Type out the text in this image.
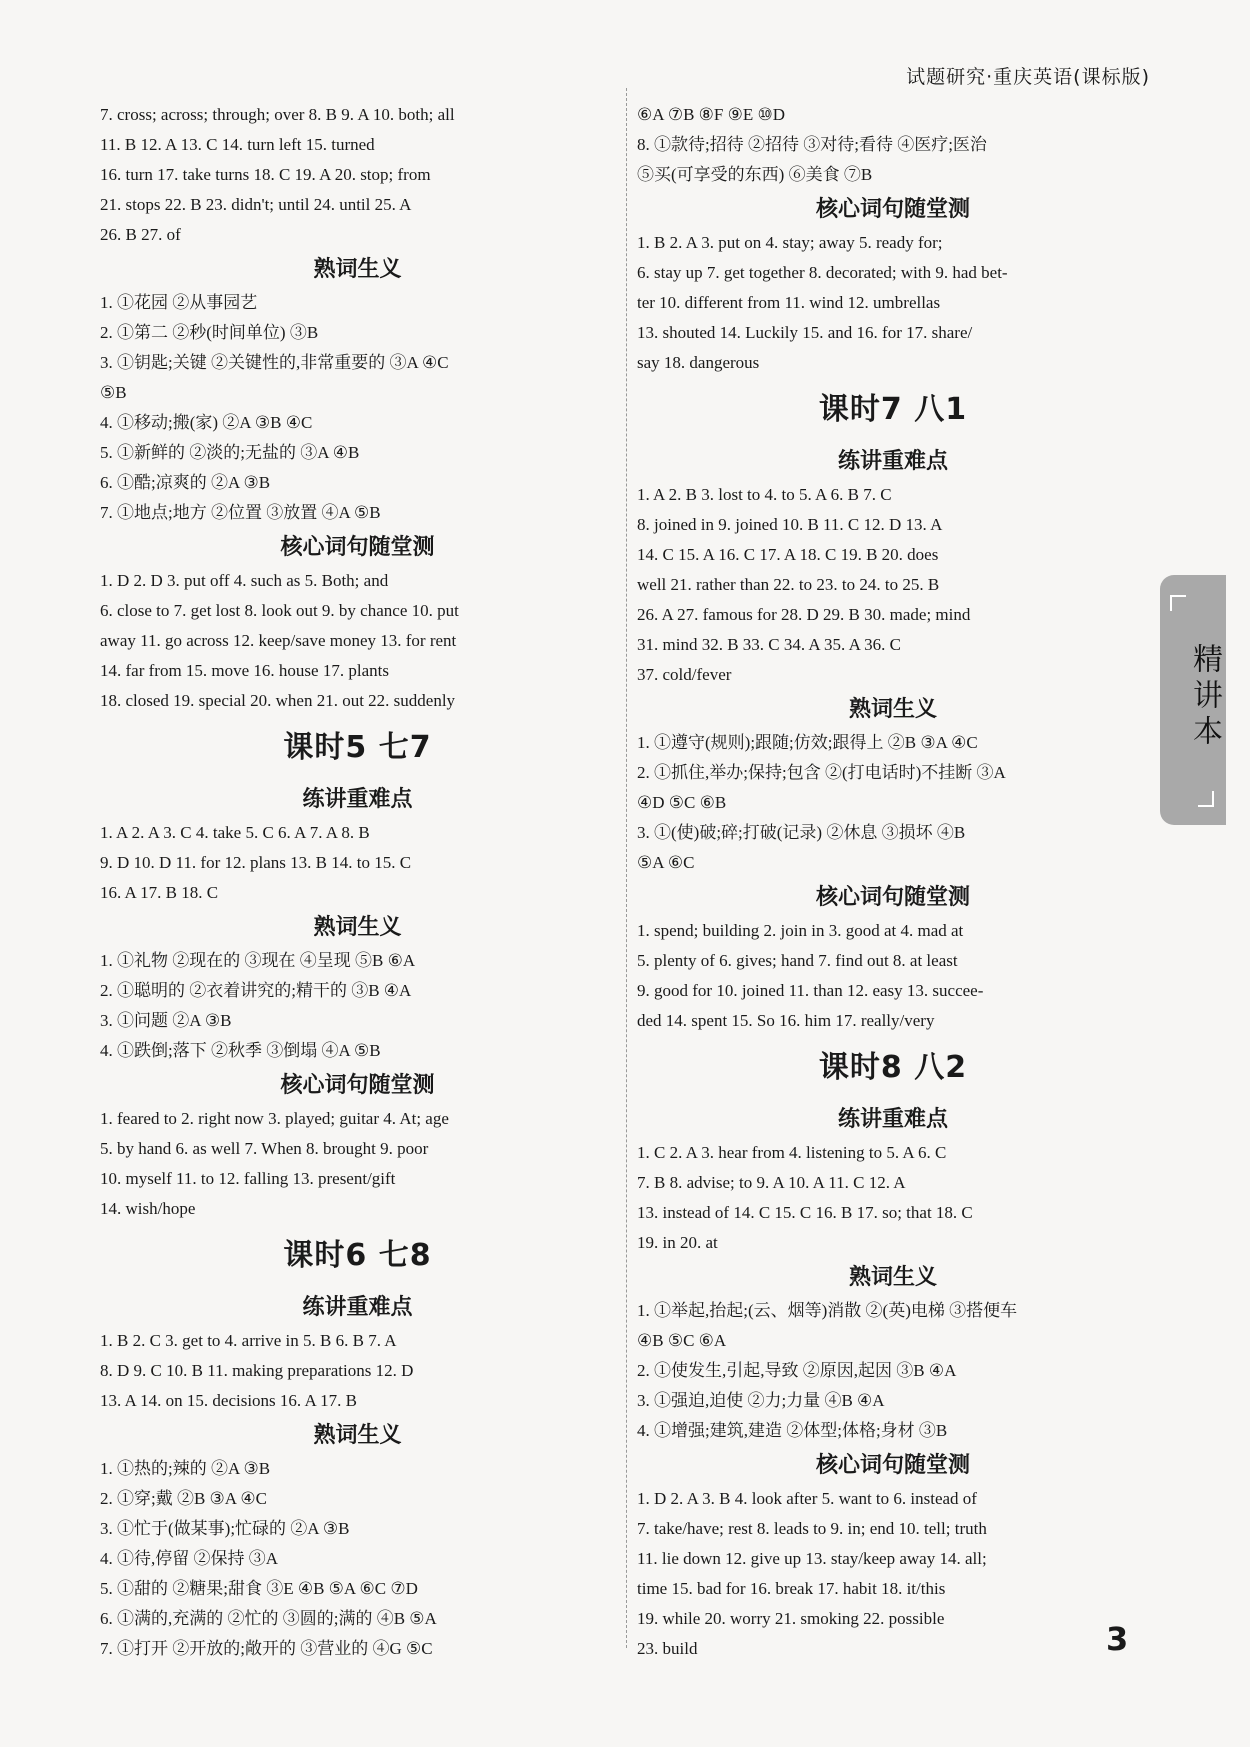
试题研究·重庆英语(课标版)
7. cross; across; through; over 8. B 9. A 10. both; all
11. B 12. A 13. C 14. turn left 15. turned
16. turn 17. take turns 18. C 19. A 20. stop; from
21. stops 22. B 23. didn't; until 24. until 25. A
26. B 27. of
熟词生义
1. ①花园 ②从事园艺
2. ①第二 ②秒(时间单位) ③B
3. ①钥匙;关键 ②关键性的,非常重要的 ③A ④C
⑤B
4. ①移动;搬(家) ②A ③B ④C
5. ①新鲜的 ②淡的;无盐的 ③A ④B
6. ①酷;凉爽的 ②A ③B
7. ①地点;地方 ②位置 ③放置 ④A ⑤B
核心词句随堂测
1. D 2. D 3. put off 4. such as 5. Both; and
6. close to 7. get lost 8. look out 9. by chance 10. put
away 11. go across 12. keep/save money 13. for rent
14. far from 15. move 16. house 17. plants
18. closed 19. special 20. when 21. out 22. suddenly
课时5 七7
练讲重难点
1. A 2. A 3. C 4. take 5. C 6. A 7. A 8. B
9. D 10. D 11. for 12. plans 13. B 14. to 15. C
16. A 17. B 18. C
熟词生义
1. ①礼物 ②现在的 ③现在 ④呈现 ⑤B ⑥A
2. ①聪明的 ②衣着讲究的;精干的 ③B ④A
3. ①问题 ②A ③B
4. ①跌倒;落下 ②秋季 ③倒塌 ④A ⑤B
核心词句随堂测
1. feared to 2. right now 3. played; guitar 4. At; age
5. by hand 6. as well 7. When 8. brought 9. poor
10. myself 11. to 12. falling 13. present/gift
14. wish/hope
课时6 七8
练讲重难点
1. B 2. C 3. get to 4. arrive in 5. B 6. B 7. A
8. D 9. C 10. B 11. making preparations 12. D
13. A 14. on 15. decisions 16. A 17. B
熟词生义
1. ①热的;辣的 ②A ③B
2. ①穿;戴 ②B ③A ④C
3. ①忙于(做某事);忙碌的 ②A ③B
4. ①待,停留 ②保持 ③A
5. ①甜的 ②糖果;甜食 ③E ④B ⑤A ⑥C ⑦D
6. ①满的,充满的 ②忙的 ③圆的;满的 ④B ⑤A
7. ①打开 ②开放的;敞开的 ③营业的 ④G ⑤C
⑥A ⑦B ⑧F ⑨E ⑩D
8. ①款待;招待 ②招待 ③对待;看待 ④医疗;医治
⑤买(可享受的东西) ⑥美食 ⑦B
核心词句随堂测
1. B 2. A 3. put on 4. stay; away 5. ready for;
6. stay up 7. get together 8. decorated; with 9. had bet-
ter 10. different from 11. wind 12. umbrellas
13. shouted 14. Luckily 15. and 16. for 17. share/
say 18. dangerous
课时7 八1
练讲重难点
1. A 2. B 3. lost to 4. to 5. A 6. B 7. C
8. joined in 9. joined 10. B 11. C 12. D 13. A
14. C 15. A 16. C 17. A 18. C 19. B 20. does
well 21. rather than 22. to 23. to 24. to 25. B
26. A 27. famous for 28. D 29. B 30. made; mind
31. mind 32. B 33. C 34. A 35. A 36. C
37. cold/fever
熟词生义
1. ①遵守(规则);跟随;仿效;跟得上 ②B ③A ④C
2. ①抓住,举办;保持;包含 ②(打电话时)不挂断 ③A
④D ⑤C ⑥B
3. ①(使)破;碎;打破(记录) ②休息 ③损坏 ④B
⑤A ⑥C
核心词句随堂测
1. spend; building 2. join in 3. good at 4. mad at
5. plenty of 6. gives; hand 7. find out 8. at least
9. good for 10. joined 11. than 12. easy 13. succee-
ded 14. spent 15. So 16. him 17. really/very
课时8 八2
练讲重难点
1. C 2. A 3. hear from 4. listening to 5. A 6. C
7. B 8. advise; to 9. A 10. A 11. C 12. A
13. instead of 14. C 15. C 16. B 17. so; that 18. C
19. in 20. at
熟词生义
1. ①举起,抬起;(云、烟等)消散 ②(英)电梯 ③搭便车
④B ⑤C ⑥A
2. ①使发生,引起,导致 ②原因,起因 ③B ④A
3. ①强迫,迫使 ②力;力量 ④B ④A
4. ①增强;建筑,建造 ②体型;体格;身材 ③B
核心词句随堂测
1. D 2. A 3. B 4. look after 5. want to 6. instead of
7. take/have; rest 8. leads to 9. in; end 10. tell; truth
11. lie down 12. give up 13. stay/keep away 14. all;
time 15. bad for 16. break 17. habit 18. it/this
19. while 20. worry 21. smoking 22. possible
23. build
精讲本
3
